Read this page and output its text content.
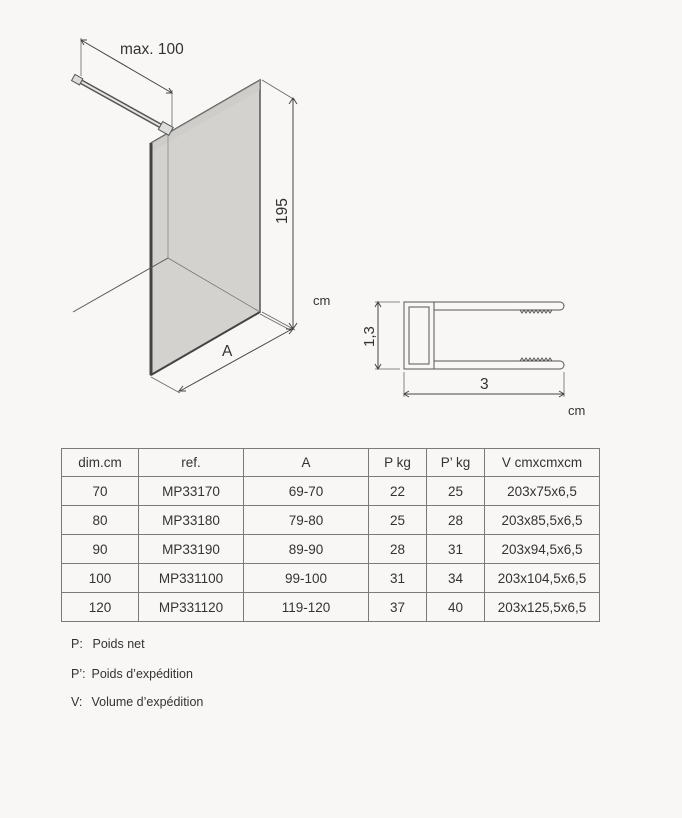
max. 100
195
A
cm
1,3
3
cm
dim.cm	ref.	A	P kg	P’ kg	V cmxcmxcm
70	MP33170	69-70	22	25	203x75x6,5
80	MP33180	79-80	25	28	203x85,5x6,5
90	MP33190	89-90	28	31	203x94,5x6,5
100	MP331100	99-100	31	34	203x104,5x6,5
120	MP331120	119-120	37	40	203x125,5x6,5
P: Poids net
P’: Poids d’expédition
V: Volume d’expédition
